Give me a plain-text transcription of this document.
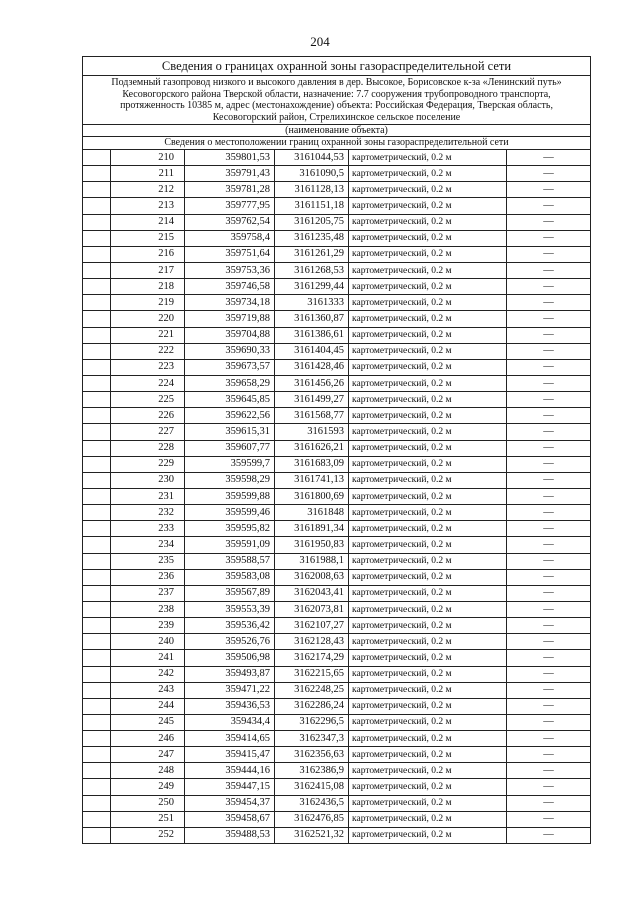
204
Сведения о границах охранной зоны газораспределительной сети					

Подземный газопровод низкого и высокого давления в дер. Высокое, Борисовское к-за «Ленинский путь»
Кесовогорского района Тверской области, назначение: 7.7 сооружения трубопроводного транспорта,
протяженность 10385 м, адрес (местонахождение) объекта: Российская Федерация, Тверская область,
Кесовогорский район, Стрелихинское сельское поселение					

(наименование объекта)					
Сведения о местоположении границ охранной зоны газораспределительной сети					
	210	359801,53	3161044,53	картометрический, 0.2 м	—
	211	359791,43	3161090,5	картометрический, 0.2 м	—
	212	359781,28	3161128,13	картометрический, 0.2 м	—
	213	359777,95	3161151,18	картометрический, 0.2 м	—
	214	359762,54	3161205,75	картометрический, 0.2 м	—
	215	359758,4	3161235,48	картометрический, 0.2 м	—
	216	359751,64	3161261,29	картометрический, 0.2 м	—
	217	359753,36	3161268,53	картометрический, 0.2 м	—
	218	359746,58	3161299,44	картометрический, 0.2 м	—
	219	359734,18	3161333	картометрический, 0.2 м	—
	220	359719,88	3161360,87	картометрический, 0.2 м	—
	221	359704,88	3161386,61	картометрический, 0.2 м	—
	222	359690,33	3161404,45	картометрический, 0.2 м	—
	223	359673,57	3161428,46	картометрический, 0.2 м	—
	224	359658,29	3161456,26	картометрический, 0.2 м	—
	225	359645,85	3161499,27	картометрический, 0.2 м	—
	226	359622,56	3161568,77	картометрический, 0.2 м	—
	227	359615,31	3161593	картометрический, 0.2 м	—
	228	359607,77	3161626,21	картометрический, 0.2 м	—
	229	359599,7	3161683,09	картометрический, 0.2 м	—
	230	359598,29	3161741,13	картометрический, 0.2 м	—
	231	359599,88	3161800,69	картометрический, 0.2 м	—
	232	359599,46	3161848	картометрический, 0.2 м	—
	233	359595,82	3161891,34	картометрический, 0.2 м	—
	234	359591,09	3161950,83	картометрический, 0.2 м	—
	235	359588,57	3161988,1	картометрический, 0.2 м	—
	236	359583,08	3162008,63	картометрический, 0.2 м	—
	237	359567,89	3162043,41	картометрический, 0.2 м	—
	238	359553,39	3162073,81	картометрический, 0.2 м	—
	239	359536,42	3162107,27	картометрический, 0.2 м	—
	240	359526,76	3162128,43	картометрический, 0.2 м	—
	241	359506,98	3162174,29	картометрический, 0.2 м	—
	242	359493,87	3162215,65	картометрический, 0.2 м	—
	243	359471,22	3162248,25	картометрический, 0.2 м	—
	244	359436,53	3162286,24	картометрический, 0.2 м	—
	245	359434,4	3162296,5	картометрический, 0.2 м	—
	246	359414,65	3162347,3	картометрический, 0.2 м	—
	247	359415,47	3162356,63	картометрический, 0.2 м	—
	248	359444,16	3162386,9	картометрический, 0.2 м	—
	249	359447,15	3162415,08	картометрический, 0.2 м	—
	250	359454,37	3162436,5	картометрический, 0.2 м	—
	251	359458,67	3162476,85	картометрический, 0.2 м	—
	252	359488,53	3162521,32	картометрический, 0.2 м	—
